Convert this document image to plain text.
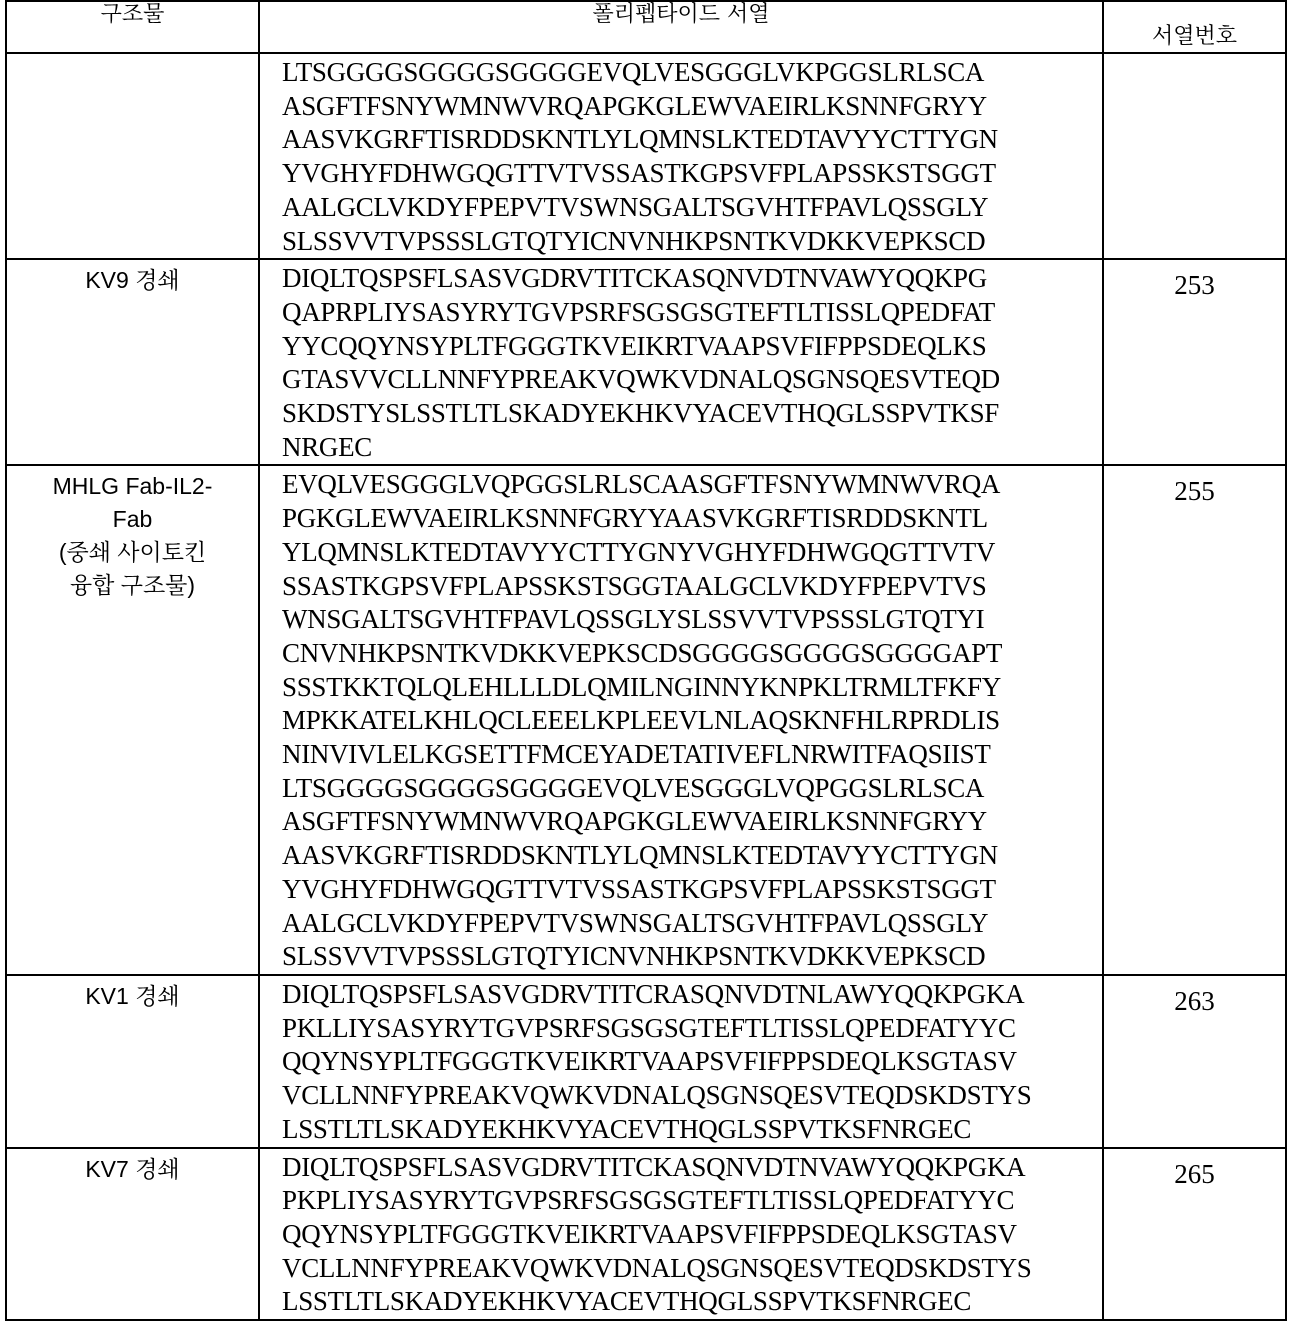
구조물	폴리펩타이드 서열	서열번호

LTSGGGGSGGGGSGGGGEVQLVESGGGLVKPGGSLRLSCA
ASGFTFSNYWMNWVRQAPGKGLEWVAEIRLKSNNFGRYY
AASVKGRFTISRDDSKNTLYLQMNSLKTEDTAVYYCTTYGN
YVGHYFDHWGQGTTVTVSSASTKGPSVFPLAPSSKSTSGGT
AALGCLVKDYFPEPVTVSWNSGALTSGVHTFPAVLQSSGLY
SLSSVVTVPSSSLGTQTYICNVNHKPSNTKVDKKVEPKSCD

KV9 경쇄	DIQLTQSPSFLSASVGDRVTITCKASQNVDTNVAWYQQKPG
QAPRPLIYSASYRYTGVPSRFSGSGSGTEFTLTISSLQPEDFAT
YYCQQYNSYPLTFGGGTKVEIKRTVAAPSVFIFPPSDEQLKS
GTASVVCLLNNFYPREAKVQWKVDNALQSGNSQESVTEQD
SKDSTYSLSSTLTLSKADYEKHKVYACEVTHQGLSSPVTKSF
NRGEC
	253

MHLG Fab-IL2-
Fab
(중쇄 사이토킨
융합 구조물)

EVQLVESGGGLVQPGGSLRLSCAASGFTFSNYWMNWVRQA
PGKGLEWVAEIRLKSNNFGRYYAASVKGRFTISRDDSKNTL
YLQMNSLKTEDTAVYYCTTYGNYVGHYFDHWGQGTTVTV
SSASTKGPSVFPLAPSSKSTSGGTAALGCLVKDYFPEPVTVS
WNSGALTSGVHTFPAVLQSSGLYSLSSVVTVPSSSLGTQTYI
CNVNHKPSNTKVDKKVEPKSCDSGGGGSGGGGSGGGGAPT
SSSTKKTQLQLEHLLLDLQMILNGINNYKNPKLTRMLTFKFY
MPKKATELKHLQCLEEELKPLEEVLNLAQSKNFHLRPRDLIS
NINVIVLELKGSETTFMCEYADETATIVEFLNRWITFAQSIIST
LTSGGGGSGGGGSGGGGEVQLVESGGGLVQPGGSLRLSCA
ASGFTFSNYWMNWVRQAPGKGLEWVAEIRLKSNNFGRYY
AASVKGRFTISRDDSKNTLYLQMNSLKTEDTAVYYCTTYGN
YVGHYFDHWGQGTTVTVSSASTKGPSVFPLAPSSKSTSGGT
AALGCLVKDYFPEPVTVSWNSGALTSGVHTFPAVLQSSGLY
SLSSVVTVPSSSLGTQTYICNVNHKPSNTKVDKKVEPKSCD
	255

KV1 경쇄	DIQLTQSPSFLSASVGDRVTITCRASQNVDTNLAWYQQKPGKA
PKLLIYSASYRYTGVPSRFSGSGSGTEFTLTISSLQPEDFATYYC
QQYNSYPLTFGGGTKVEIKRTVAAPSVFIFPPSDEQLKSGTASV
VCLLNNFYPREAKVQWKVDNALQSGNSQESVTEQDSKDSTYS
LSSTLTLSKADYEKHKVYACEVTHQGLSSPVTKSFNRGEC
	263

KV7 경쇄	DIQLTQSPSFLSASVGDRVTITCKASQNVDTNVAWYQQKPGKA
PKPLIYSASYRYTGVPSRFSGSGSGTEFTLTISSLQPEDFATYYC
QQYNSYPLTFGGGTKVEIKRTVAAPSVFIFPPSDEQLKSGTASV
VCLLNNFYPREAKVQWKVDNALQSGNSQESVTEQDSKDSTYS
LSSTLTLSKADYEKHKVYACEVTHQGLSSPVTKSFNRGEC
	265
